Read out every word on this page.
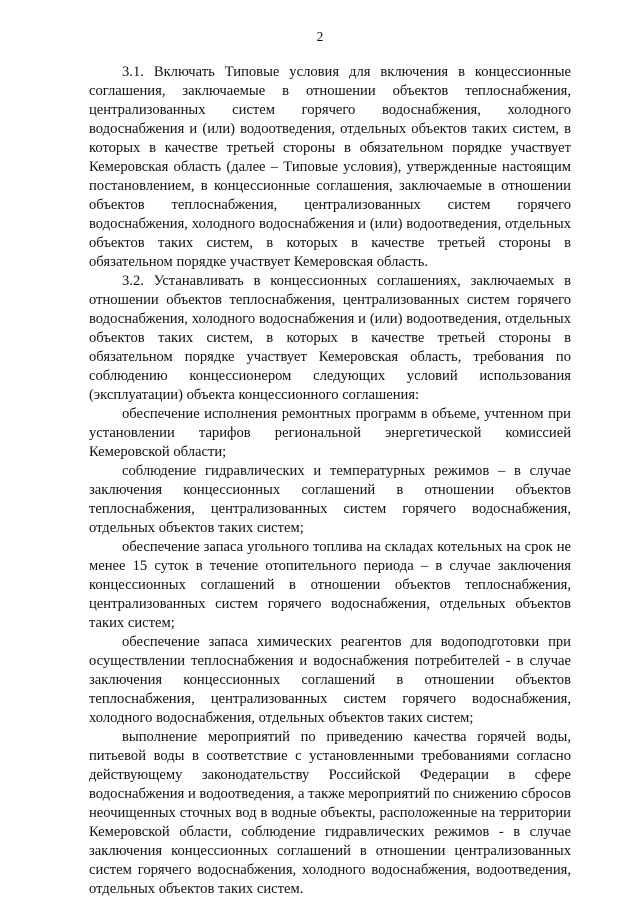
2

3.1. Включать Типовые условия для включения в концессионные соглашения, заключаемые в отношении объектов теплоснабжения, централизованных систем горячего водоснабжения, холодного водоснабжения и (или) водоотведения, отдельных объектов таких систем, в которых в качестве третьей стороны в обязательном порядке участвует Кемеровская область (далее – Типовые условия), утвержденные настоящим постановлением, в концессионные соглашения, заключаемые в отношении объектов теплоснабжения, централизованных систем горячего водоснабжения, холодного водоснабжения и (или) водоотведения, отдельных объектов таких систем, в которых в качестве третьей стороны в обязательном порядке участвует Кемеровская область.

3.2. Устанавливать в концессионных соглашениях, заключаемых в отношении объектов теплоснабжения, централизованных систем горячего водоснабжения, холодного водоснабжения и (или) водоотведения, отдельных объектов таких систем, в которых в качестве третьей стороны в обязательном порядке участвует Кемеровская область, требования по соблюдению концессионером следующих условий использования (эксплуатации) объекта концессионного соглашения:

обеспечение исполнения ремонтных программ в объеме, учтенном при установлении тарифов региональной энергетической комиссией Кемеровской области;

соблюдение гидравлических и температурных режимов – в случае заключения концессионных соглашений в отношении объектов теплоснабжения, централизованных систем горячего водоснабжения, отдельных объектов таких систем;

обеспечение запаса угольного топлива на складах котельных на срок не менее 15 суток в течение отопительного периода – в случае заключения концессионных соглашений в отношении объектов теплоснабжения, централизованных систем горячего водоснабжения, отдельных объектов таких систем;

обеспечение запаса химических реагентов для водоподготовки при осуществлении теплоснабжения и водоснабжения потребителей - в случае заключения концессионных соглашений в отношении объектов теплоснабжения, централизованных систем горячего водоснабжения, холодного водоснабжения, отдельных объектов таких систем;

выполнение мероприятий по приведению качества горячей воды, питьевой воды в соответствие с установленными требованиями согласно действующему законодательству Российской Федерации в сфере водоснабжения и водоотведения, а также мероприятий по снижению сбросов неочищенных сточных вод в водные объекты, расположенные на территории Кемеровской области, соблюдение гидравлических режимов - в случае заключения концессионных соглашений в отношении централизованных систем горячего водоснабжения, холодного водоснабжения, водоотведения, отдельных объектов таких систем.
